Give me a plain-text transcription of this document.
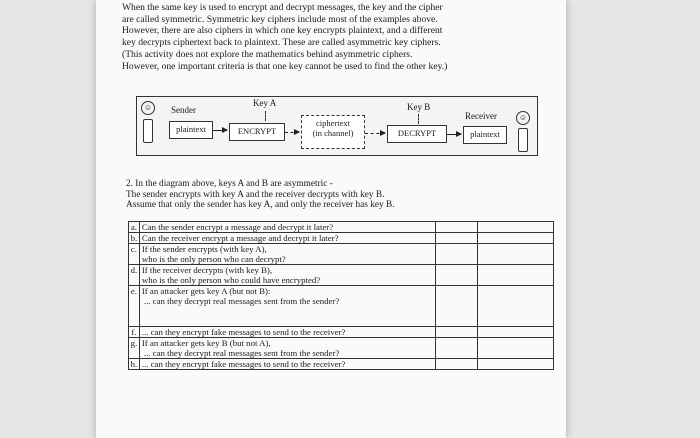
When the same key is used to encrypt and decrypt messages, the key and the cipher

are called symmetric. Symmetric key ciphers include most of the examples above.

However, there are also ciphers in which one key encrypts plaintext, and a different

key decrypts ciphertext back to plaintext. These are called asymmetric key ciphers.

(This activity does not explore the mathematics behind asymmetric ciphers.

However, one important criteria is that one key cannot be used to find the other key.)

☺	Sender
Key A	Key B
plaintext	ENCRYPT
ciphertext
(in channel)	DECRYPT	plaintext
Receiver	☺

2. In the diagram above, keys A and B are asymmetric -

The sender encrypts with key A and the receiver decrypts with key B.

Assume that only the sender has key A, and only the receiver has key B.

a.	Can the sender encrypt a message and decrypt it later?		

b.	Can the receiver encrypt a message and decrypt it later?		

c.	If the sender encrypts (with key A),
who is the only person who can decrypt?		

d.	If the receiver decrypts (with key B),
who is the only person who could have encrypted?		

e.	If an attacker gets key A (but not B):
... can they decrypt real messages sent from the sender?		

f.	... can they encrypt fake messages to send to the receiver?		

g.	If an attacker gets key B (but not A),
... can they decrypt real messages sent from the sender?		

h.	... can they encrypt fake messages to send to the receiver?		
